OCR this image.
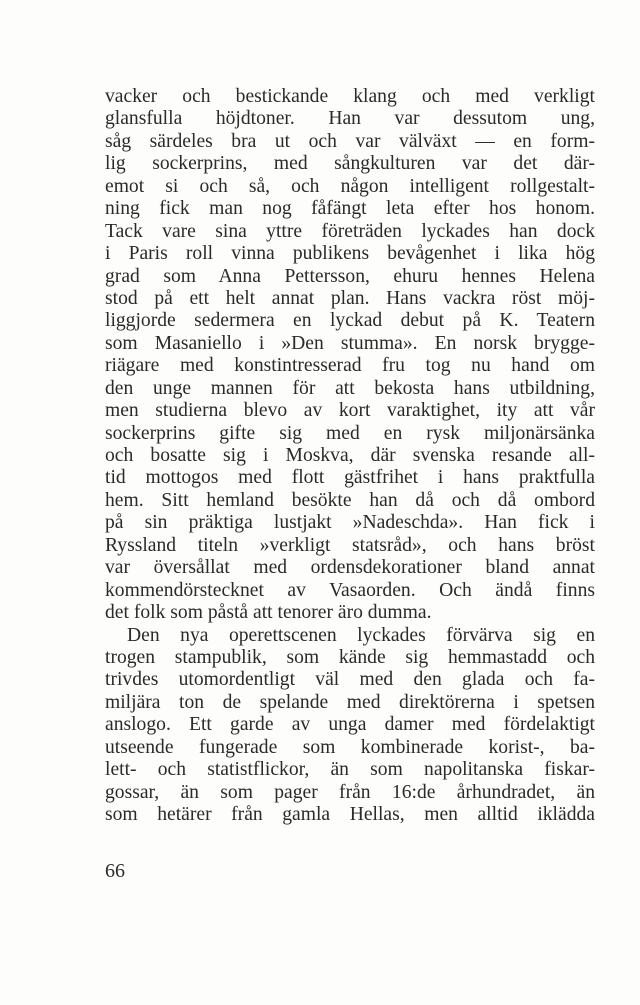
vacker och bestickande klang och med verkligt
glansfulla höjdtoner. Han var dessutom ung,
såg särdeles bra ut och var välväxt — en form-
lig sockerprins, med sångkulturen var det där-
emot si och så, och någon intelligent rollgestalt-
ning fick man nog fåfängt leta efter hos honom.
Tack vare sina yttre företräden lyckades han dock
i Paris roll vinna publikens bevågenhet i lika hög
grad som Anna Pettersson, ehuru hennes Helena
stod på ett helt annat plan. Hans vackra röst möj-
liggjorde sedermera en lyckad debut på K. Teatern
som Masaniello i »Den stumma». En norsk brygge-
riägare med konstintresserad fru tog nu hand om
den unge mannen för att bekosta hans utbildning,
men studierna blevo av kort varaktighet, ity att vår
sockerprins gifte sig med en rysk miljonärsänka
och bosatte sig i Moskva, där svenska resande all-
tid mottogos med flott gästfrihet i hans praktfulla
hem. Sitt hemland besökte han då och då ombord
på sin präktiga lustjakt »Nadeschda». Han fick i
Ryssland titeln »verkligt statsråd», och hans bröst
var översållat med ordensdekorationer bland annat
kommendörstecknet av Vasaorden. Och ändå finns
det folk som påstå att tenorer äro dumma.
Den nya operettscenen lyckades förvärva sig en
trogen stampublik, som kände sig hemmastadd och
trivdes utomordentligt väl med den glada och fa-
miljära ton de spelande med direktörerna i spetsen
anslogo. Ett garde av unga damer med fördelaktigt
utseende fungerade som kombinerade korist-, ba-
lett- och statistflickor, än som napolitanska fiskar-
gossar, än som pager från 16:de århundradet, än
som hetärer från gamla Hellas, men alltid iklädda
66
